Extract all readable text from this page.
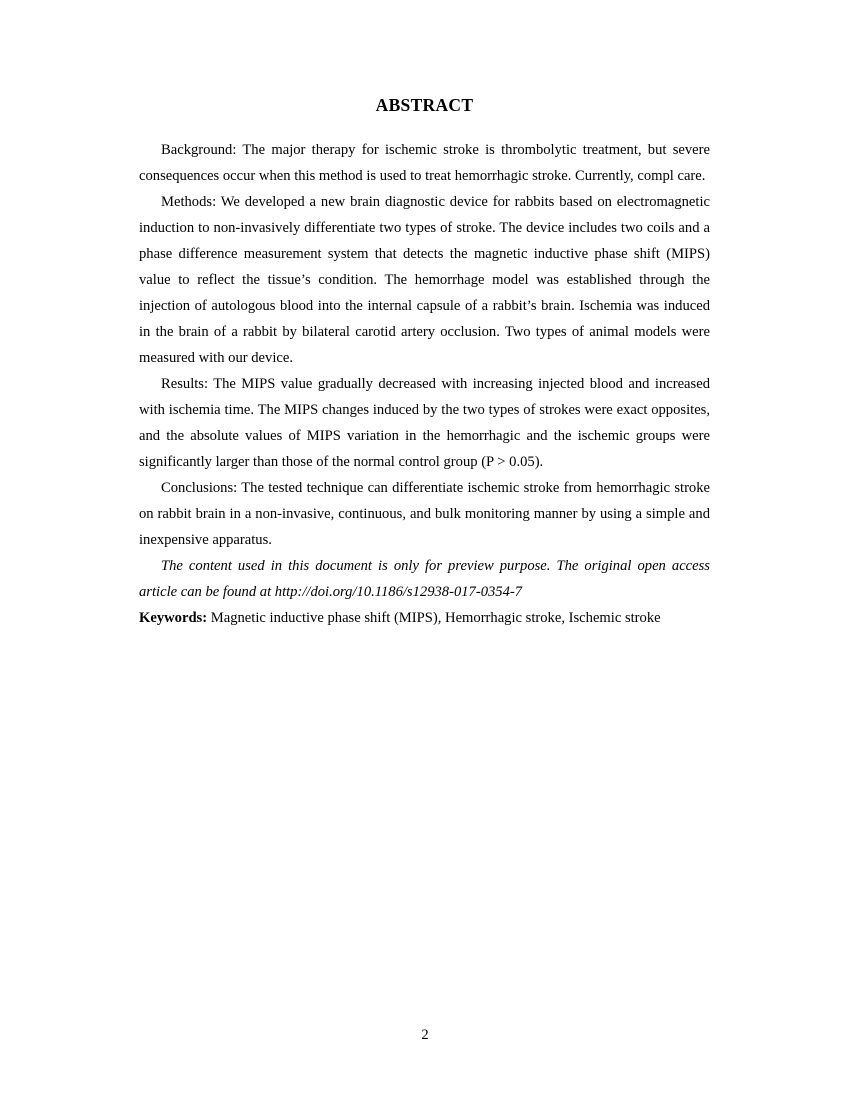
ABSTRACT

Background: The major therapy for ischemic stroke is thrombolytic treatment, but severe consequences occur when this method is used to treat hemorrhagic stroke. Currently, compl care.

Methods: We developed a new brain diagnostic device for rabbits based on electromagnetic induction to non-invasively differentiate two types of stroke. The device includes two coils and a phase difference measurement system that detects the magnetic inductive phase shift (MIPS) value to reflect the tissue’s condition. The hemorrhage model was established through the injection of autologous blood into the internal capsule of a rabbit’s brain. Ischemia was induced in the brain of a rabbit by bilateral carotid artery occlusion. Two types of animal models were measured with our device.

Results: The MIPS value gradually decreased with increasing injected blood and increased with ischemia time. The MIPS changes induced by the two types of strokes were exact opposites, and the absolute values of MIPS variation in the hemorrhagic and the ischemic groups were significantly larger than those of the normal control group (P > 0.05).

Conclusions: The tested technique can differentiate ischemic stroke from hemorrhagic stroke on rabbit brain in a non-invasive, continuous, and bulk monitoring manner by using a simple and inexpensive apparatus.

The content used in this document is only for preview purpose. The original open access article can be found at http://doi.org/10.1186/s12938-017-0354-7

Keywords: Magnetic inductive phase shift (MIPS), Hemorrhagic stroke, Ischemic stroke

2
